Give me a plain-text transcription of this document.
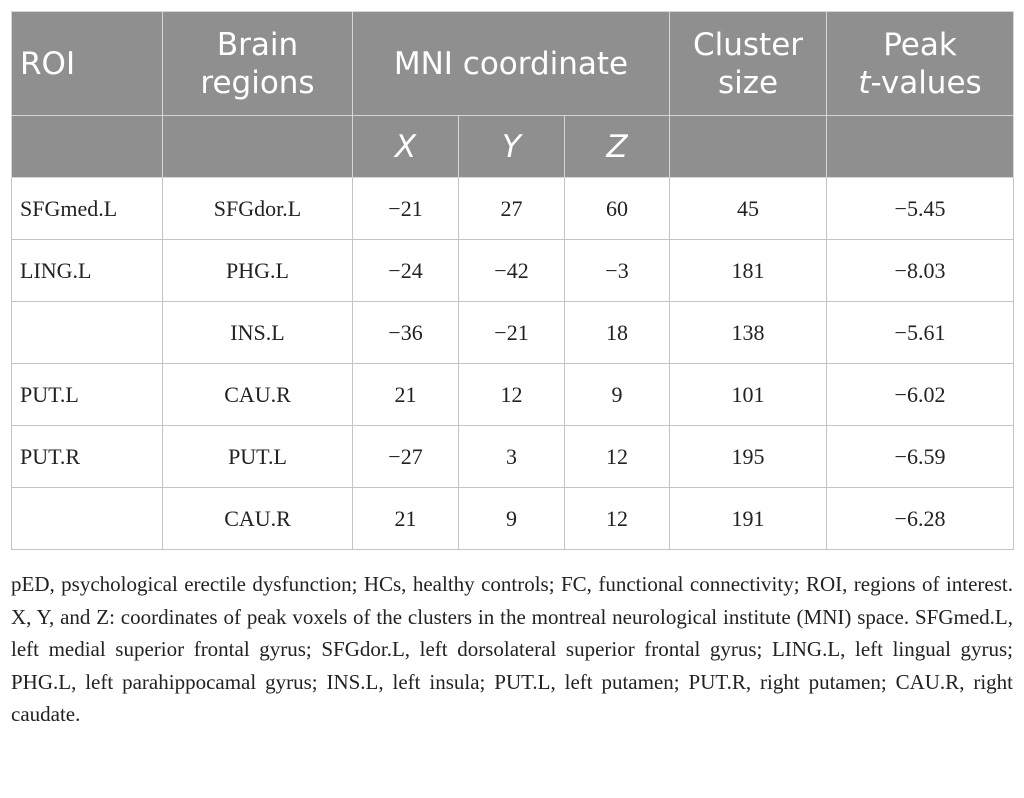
ROI	Brain regions	MNI coordinate			Cluster size	Peak
t-values
		X	Y	Z		
SFGmed.L	SFGdor.L	−21	27	60	45	−5.45
LING.L	PHG.L	−24	−42	−3	181	−8.03
	INS.L	−36	−21	18	138	−5.61
PUT.L	CAU.R	21	12	9	101	−6.02
PUT.R	PUT.L	−27	3	12	195	−6.59
	CAU.R	21	9	12	191	−6.28

pED, psychological erectile dysfunction; HCs, healthy controls; FC, functional connectivity; ROI, regions of interest. X, Y, and Z: coordinates of peak voxels of the clusters in the montreal neurological institute (MNI) space. SFGmed.L, left medial superior frontal gyrus; SFGdor.L, left dorsolateral superior frontal gyrus; LING.L, left lingual gyrus; PHG.L, left parahippocamal gyrus; INS.L, left insula; PUT.L, left putamen; PUT.R, right putamen; CAU.R, right caudate.
